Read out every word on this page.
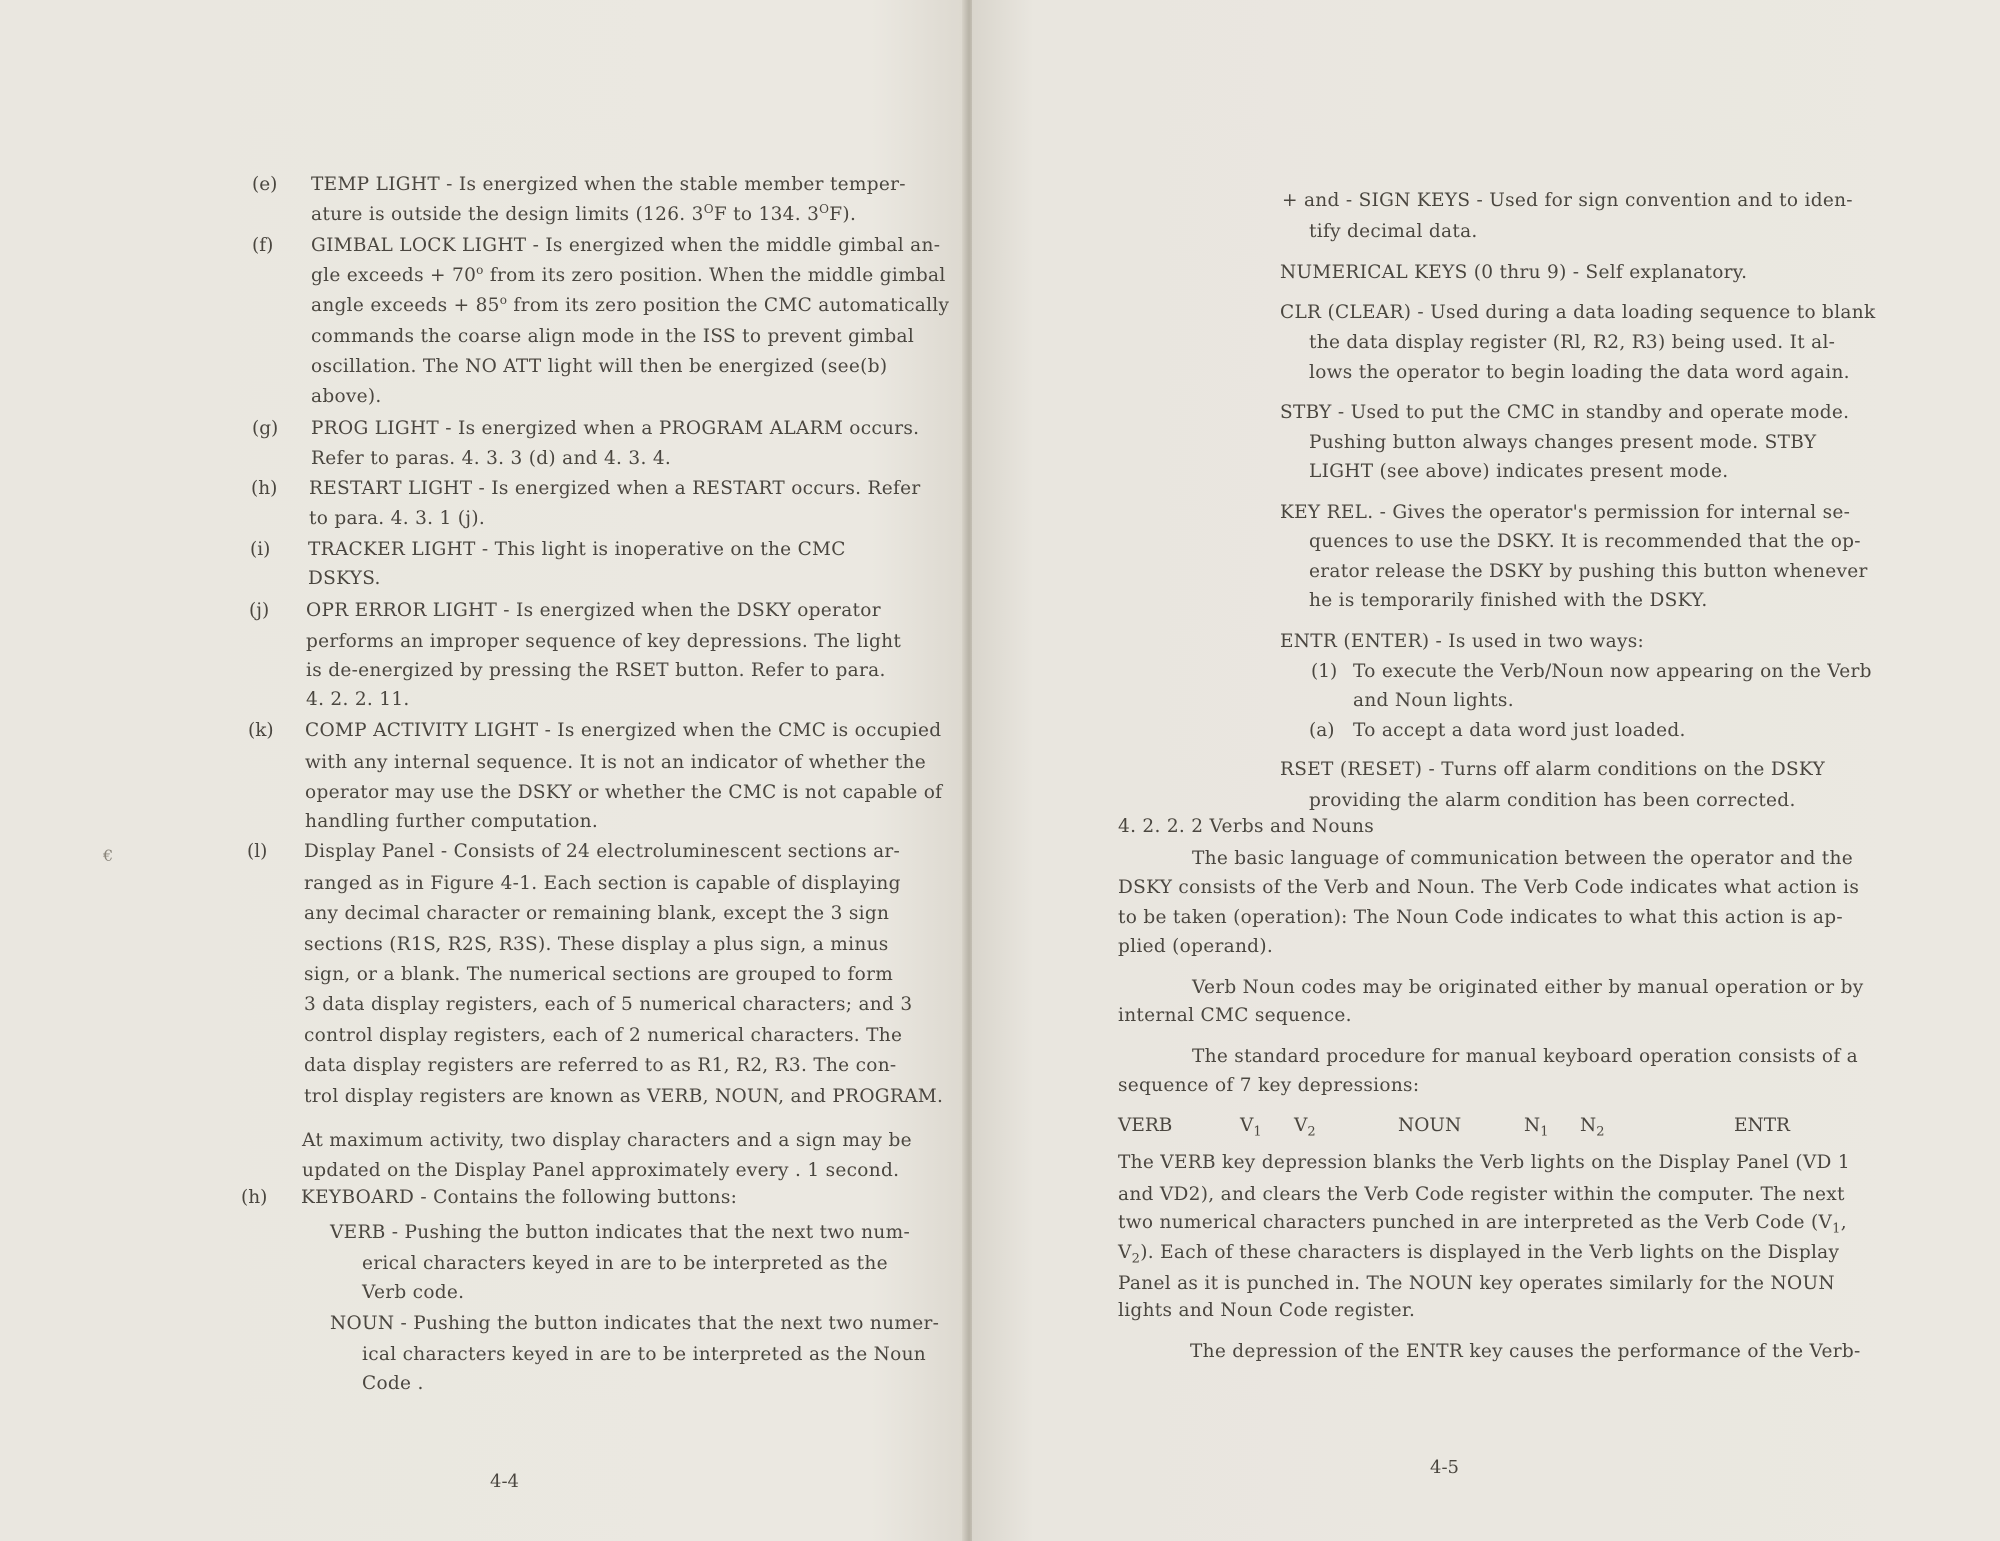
€
(e) TEMP LIGHT - Is energized when the stable member temper-
ature is outside the design limits (126. $3^OF$ to 134. $3^OF$).
(f) GIMBAL LOCK LIGHT - Is energized when the middle gimbal an-
gle exceeds + $70^o$ from its zero position. When the middle gimbal
angle exceeds + $85^o$ from its zero position the CMC automatically
commands the coarse align mode in the ISS to prevent gimbal
oscillation. The NO ATT light will then be energized (see(b)
above).
(g) PROG LIGHT - Is energized when a PROGRAM ALARM occurs.
Refer to paras. 4. 3. 3 (d) and 4. 3. 4.
(h) RESTART LIGHT - Is energized when a RESTART occurs. Refer
to para. 4. 3. 1 (j).
(i) TRACKER LIGHT - This light is inoperative on the CMC
DSKYS.
(j) OPR ERROR LIGHT - Is energized when the DSKY operator
performs an improper sequence of key depressions. The light
is de-energized by pressing the RSET button. Refer to para.
4. 2. 2. 11.
(k) COMP ACTIVITY LIGHT - Is energized when the CMC is occupied
with any internal sequence. It is not an indicator of whether the
operator may use the DSKY or whether the CMC is not capable of
handling further computation.
(l) Display Panel - Consists of 24 electroluminescent sections ar-
ranged as in Figure 4-1. Each section is capable of displaying
any decimal character or remaining blank, except the 3 sign
sections (R1S, R2S, R3S). These display a plus sign, a minus
sign, or a blank. The numerical sections are grouped to form
3 data display registers, each of 5 numerical characters; and 3
control display registers, each of 2 numerical characters. The
data display registers are referred to as R1, R2, R3. The con-
trol display registers are known as VERB, NOUN, and PROGRAM.
At maximum activity, two display characters and a sign may be
updated on the Display Panel approximately every . 1 second.
(h) KEYBOARD - Contains the following buttons:
VERB - Pushing the button indicates that the next two num-
erical characters keyed in are to be interpreted as the
Verb code.
NOUN - Pushing the button indicates that the next two numer-
ical characters keyed in are to be interpreted as the Noun
Code .
4-4
+ and - SIGN KEYS - Used for sign convention and to iden-
tify decimal data.
NUMERICAL KEYS (0 thru 9) - Self explanatory.
CLR (CLEAR) - Used during a data loading sequence to blank
the data display register (Rl, R2, R3) being used. It al-
lows the operator to begin loading the data word again.
STBY - Used to put the CMC in standby and operate mode.
Pushing button always changes present mode. STBY
LIGHT (see above) indicates present mode.
KEY REL. - Gives the operator's permission for internal se-
quences to use the DSKY. It is recommended that the op-
erator release the DSKY by pushing this button whenever
he is temporarily finished with the DSKY.
ENTR (ENTER) - Is used in two ways:
(1) To execute the Verb/Noun now appearing on the Verb
and Noun lights.
(a) To accept a data word just loaded.
RSET (RESET) - Turns off alarm conditions on the DSKY
providing the alarm condition has been corrected.
4. 2. 2. 2 Verbs and Nouns
The basic language of communication between the operator and the
DSKY consists of the Verb and Noun. The Verb Code indicates what action is
to be taken (operation): The Noun Code indicates to what this action is ap-
plied (operand).
Verb Noun codes may be originated either by manual operation or by
internal CMC sequence.
The standard procedure for manual keyboard operation consists of a
sequence of 7 key depressions:
VERB	$V_1$ $V_2$	NOUN	$N_1$ $N_2$	ENTR
The VERB key depression blanks the Verb lights on the Display Panel (VD 1
and VD2), and clears the Verb Code register within the computer. The next
two numerical characters punched in are interpreted as the Verb Code ($V_1$,
$V_2$). Each of these characters is displayed in the Verb lights on the Display
Panel as it is punched in. The NOUN key operates similarly for the NOUN
lights and Noun Code register.
The depression of the ENTR key causes the performance of the Verb-
4-5
